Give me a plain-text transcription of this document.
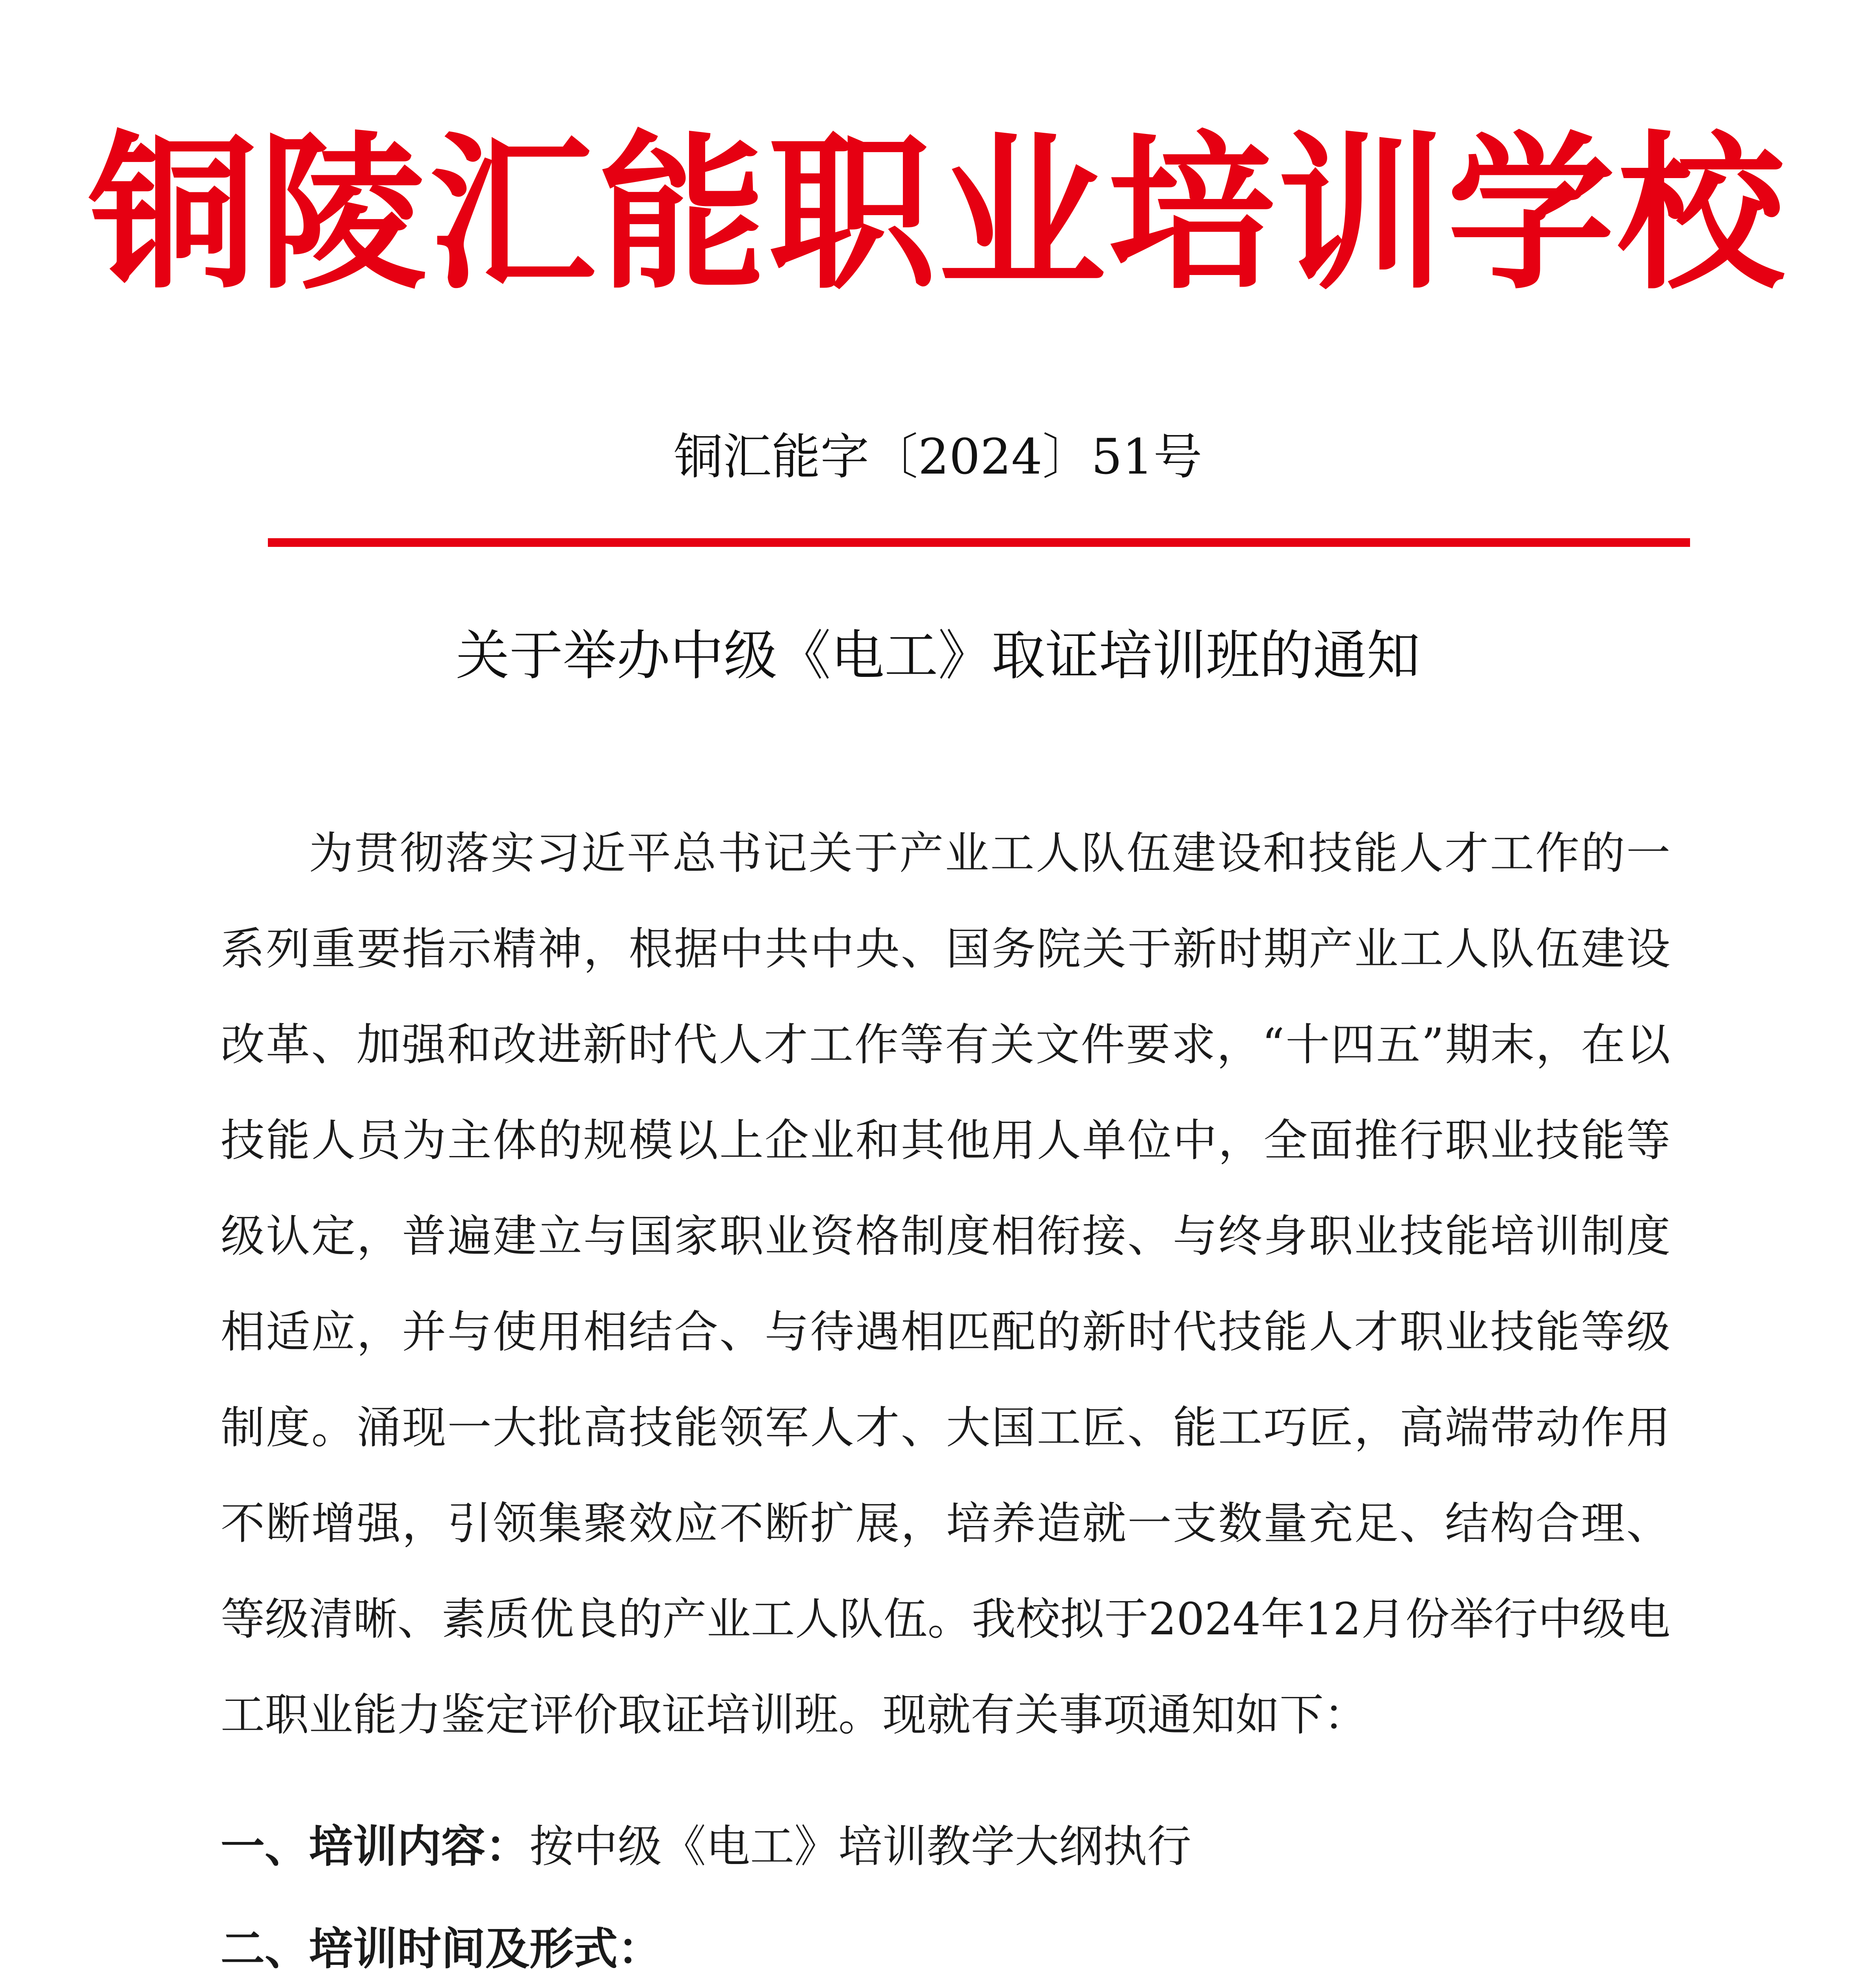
铜陵汇能职业培训学校
铜汇能字〔2024〕51号
关于举办中级《电工》取证培训班的通知
为贯彻落实习近平总书记关于产业工人队伍建设和技能人才工作的一系列重要指示精神，根据中共中央、国务院关于新时期产业工人队伍建设改革、加强和改进新时代人才工作等有关文件要求，“十四五”期末，在以技能人员为主体的规模以上企业和其他用人单位中，全面推行职业技能等级认定，普遍建立与国家职业资格制度相衔接、与终身职业技能培训制度相适应，并与使用相结合、与待遇相匹配的新时代技能人才职业技能等级制度。涌现一大批高技能领军人才、大国工匠、能工巧匠，高端带动作用不断增强，引领集聚效应不断扩展，培养造就一支数量充足、结构合理、等级清晰、素质优良的产业工人队伍。我校拟于2024年12月份举行中级电工职业能力鉴定评价取证培训班。现就有关事项通知如下：
一、培训内容：按中级《电工》培训教学大纲执行
二、培训时间及形式：
